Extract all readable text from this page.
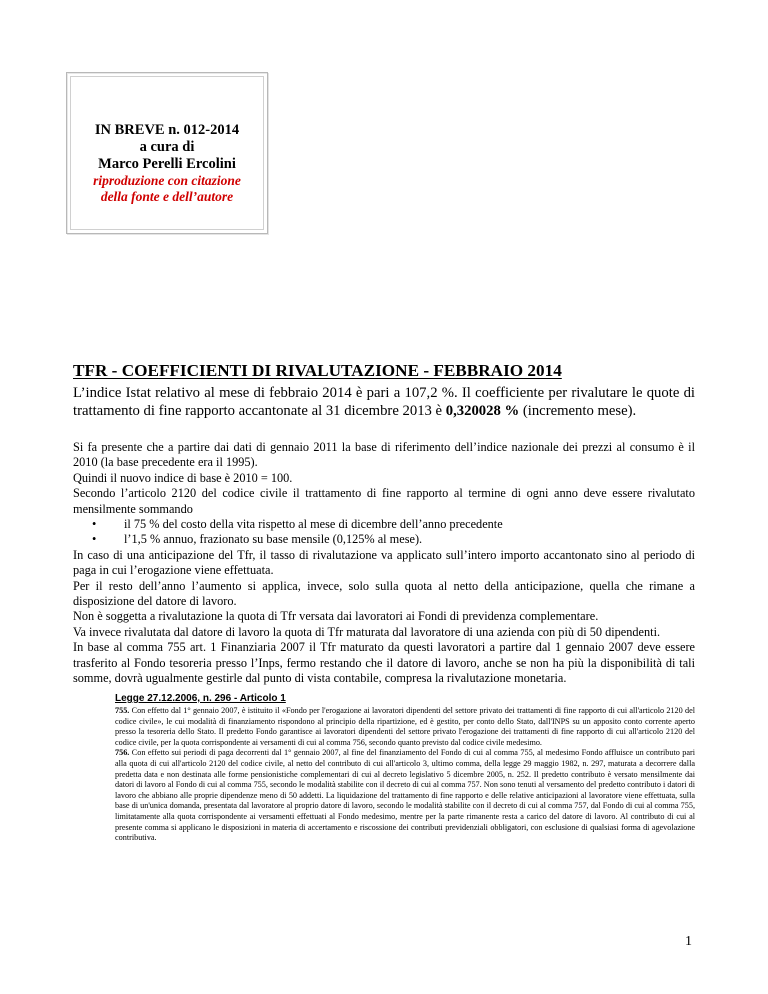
IN BREVE n. 012-2014
a cura di
Marco Perelli Ercolini
riproduzione con citazione
della fonte e dell’autore
TFR - COEFFICIENTI DI RIVALUTAZIONE - FEBBRAIO 2014

L’indice Istat relativo al mese di febbraio 2014 è pari a 107,2 %. Il coefficiente per rivalutare le quote di trattamento di fine rapporto accantonate al 31 dicembre 2013 è 0,320028 % (incremento mese).

Si fa presente che a partire dai dati di gennaio 2011 la base di riferimento dell’indice nazionale dei prezzi al consumo è il 2010 (la base precedente era il 1995).

Quindi il nuovo indice di base è 2010 = 100.

Secondo l’articolo 2120 del codice civile il trattamento di fine rapporto al termine di ogni anno deve essere rivalutato mensilmente sommando

• il 75 % del costo della vita rispetto al mese di dicembre dell’anno precedente
• l’1,5 % annuo, frazionato su base mensile (0,125% al mese).

In caso di una anticipazione del Tfr, il tasso di rivalutazione va applicato sull’intero importo accantonato sino al periodo di paga in cui l’erogazione viene effettuata.

Per il resto dell’anno l’aumento si applica, invece, solo sulla quota al netto della anticipazione, quella che rimane a disposizione del datore di lavoro.

Non è soggetta a rivalutazione la quota di Tfr versata dai lavoratori ai Fondi di previdenza complementare.

Va invece rivalutata dal datore di lavoro la quota di Tfr maturata dal lavoratore di una azienda con più di 50 dipendenti.

In base al comma 755 art. 1 Finanziaria 2007 il Tfr maturato da questi lavoratori a partire dal 1 gennaio 2007 deve essere trasferito al Fondo tesoreria presso l’Inps, fermo restando che il datore di lavoro, anche se non ha più la disponibilità di tali somme, dovrà ugualmente gestirle dal punto di vista contabile, compresa la rivalutazione monetaria.

Legge 27.12.2006, n. 296 - Articolo 1

755. Con effetto dal 1° gennaio 2007, è istituito il «Fondo per l'erogazione ai lavoratori dipendenti del settore privato dei trattamenti di fine rapporto di cui all'articolo 2120 del codice civile», le cui modalità di finanziamento rispondono al principio della ripartizione, ed è gestito, per conto dello Stato, dall'INPS su un apposito conto corrente aperto presso la tesoreria dello Stato. Il predetto Fondo garantisce ai lavoratori dipendenti del settore privato l'erogazione dei trattamenti di fine rapporto di cui all'articolo 2120 del codice civile, per la quota corrispondente ai versamenti di cui al comma 756, secondo quanto previsto dal codice civile medesimo.

756. Con effetto sui periodi di paga decorrenti dal 1° gennaio 2007, al fine del finanziamento del Fondo di cui al comma 755, al medesimo Fondo affluisce un contributo pari alla quota di cui all'articolo 2120 del codice civile, al netto del contributo di cui all'articolo 3, ultimo comma, della legge 29 maggio 1982, n. 297, maturata a decorrere dalla predetta data e non destinata alle forme pensionistiche complementari di cui al decreto legislativo 5 dicembre 2005, n. 252. Il predetto contributo è versato mensilmente dai datori di lavoro al Fondo di cui al comma 755, secondo le modalità stabilite con il decreto di cui al comma 757. Non sono tenuti al versamento del predetto contributo i datori di lavoro che abbiano alle proprie dipendenze meno di 50 addetti. La liquidazione del trattamento di fine rapporto e delle relative anticipazioni al lavoratore viene effettuata, sulla base di un'unica domanda, presentata dal lavoratore al proprio datore di lavoro, secondo le modalità stabilite con il decreto di cui al comma 757, dal Fondo di cui al comma 755, limitatamente alla quota corrispondente ai versamenti effettuati al Fondo medesimo, mentre per la parte rimanente resta a carico del datore di lavoro. Al contributo di cui al presente comma si applicano le disposizioni in materia di accertamento e riscossione dei contributi previdenziali obbligatori, con esclusione di qualsiasi forma di agevolazione contributiva.

1
